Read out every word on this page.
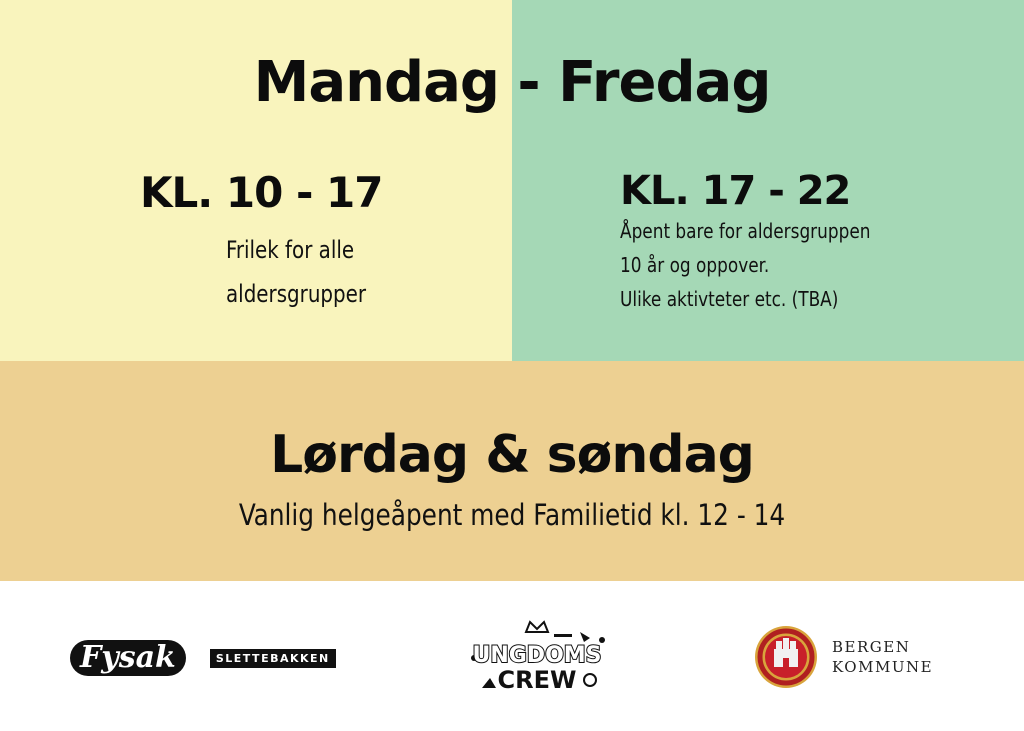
Mandag - Fredag
KL. 10 - 17
Frilek for alle
aldersgrupper
KL. 17 - 22
Åpent bare for aldersgruppen
10 år og oppover.
Ulike aktivteter etc. (TBA)
Lørdag & søndag
Vanlig helgeåpent med Familietid kl. 12 - 14
Fysak	SLETTEBAKKEN	UNGDOMS
CREW
BERGEN
KOMMUNE
